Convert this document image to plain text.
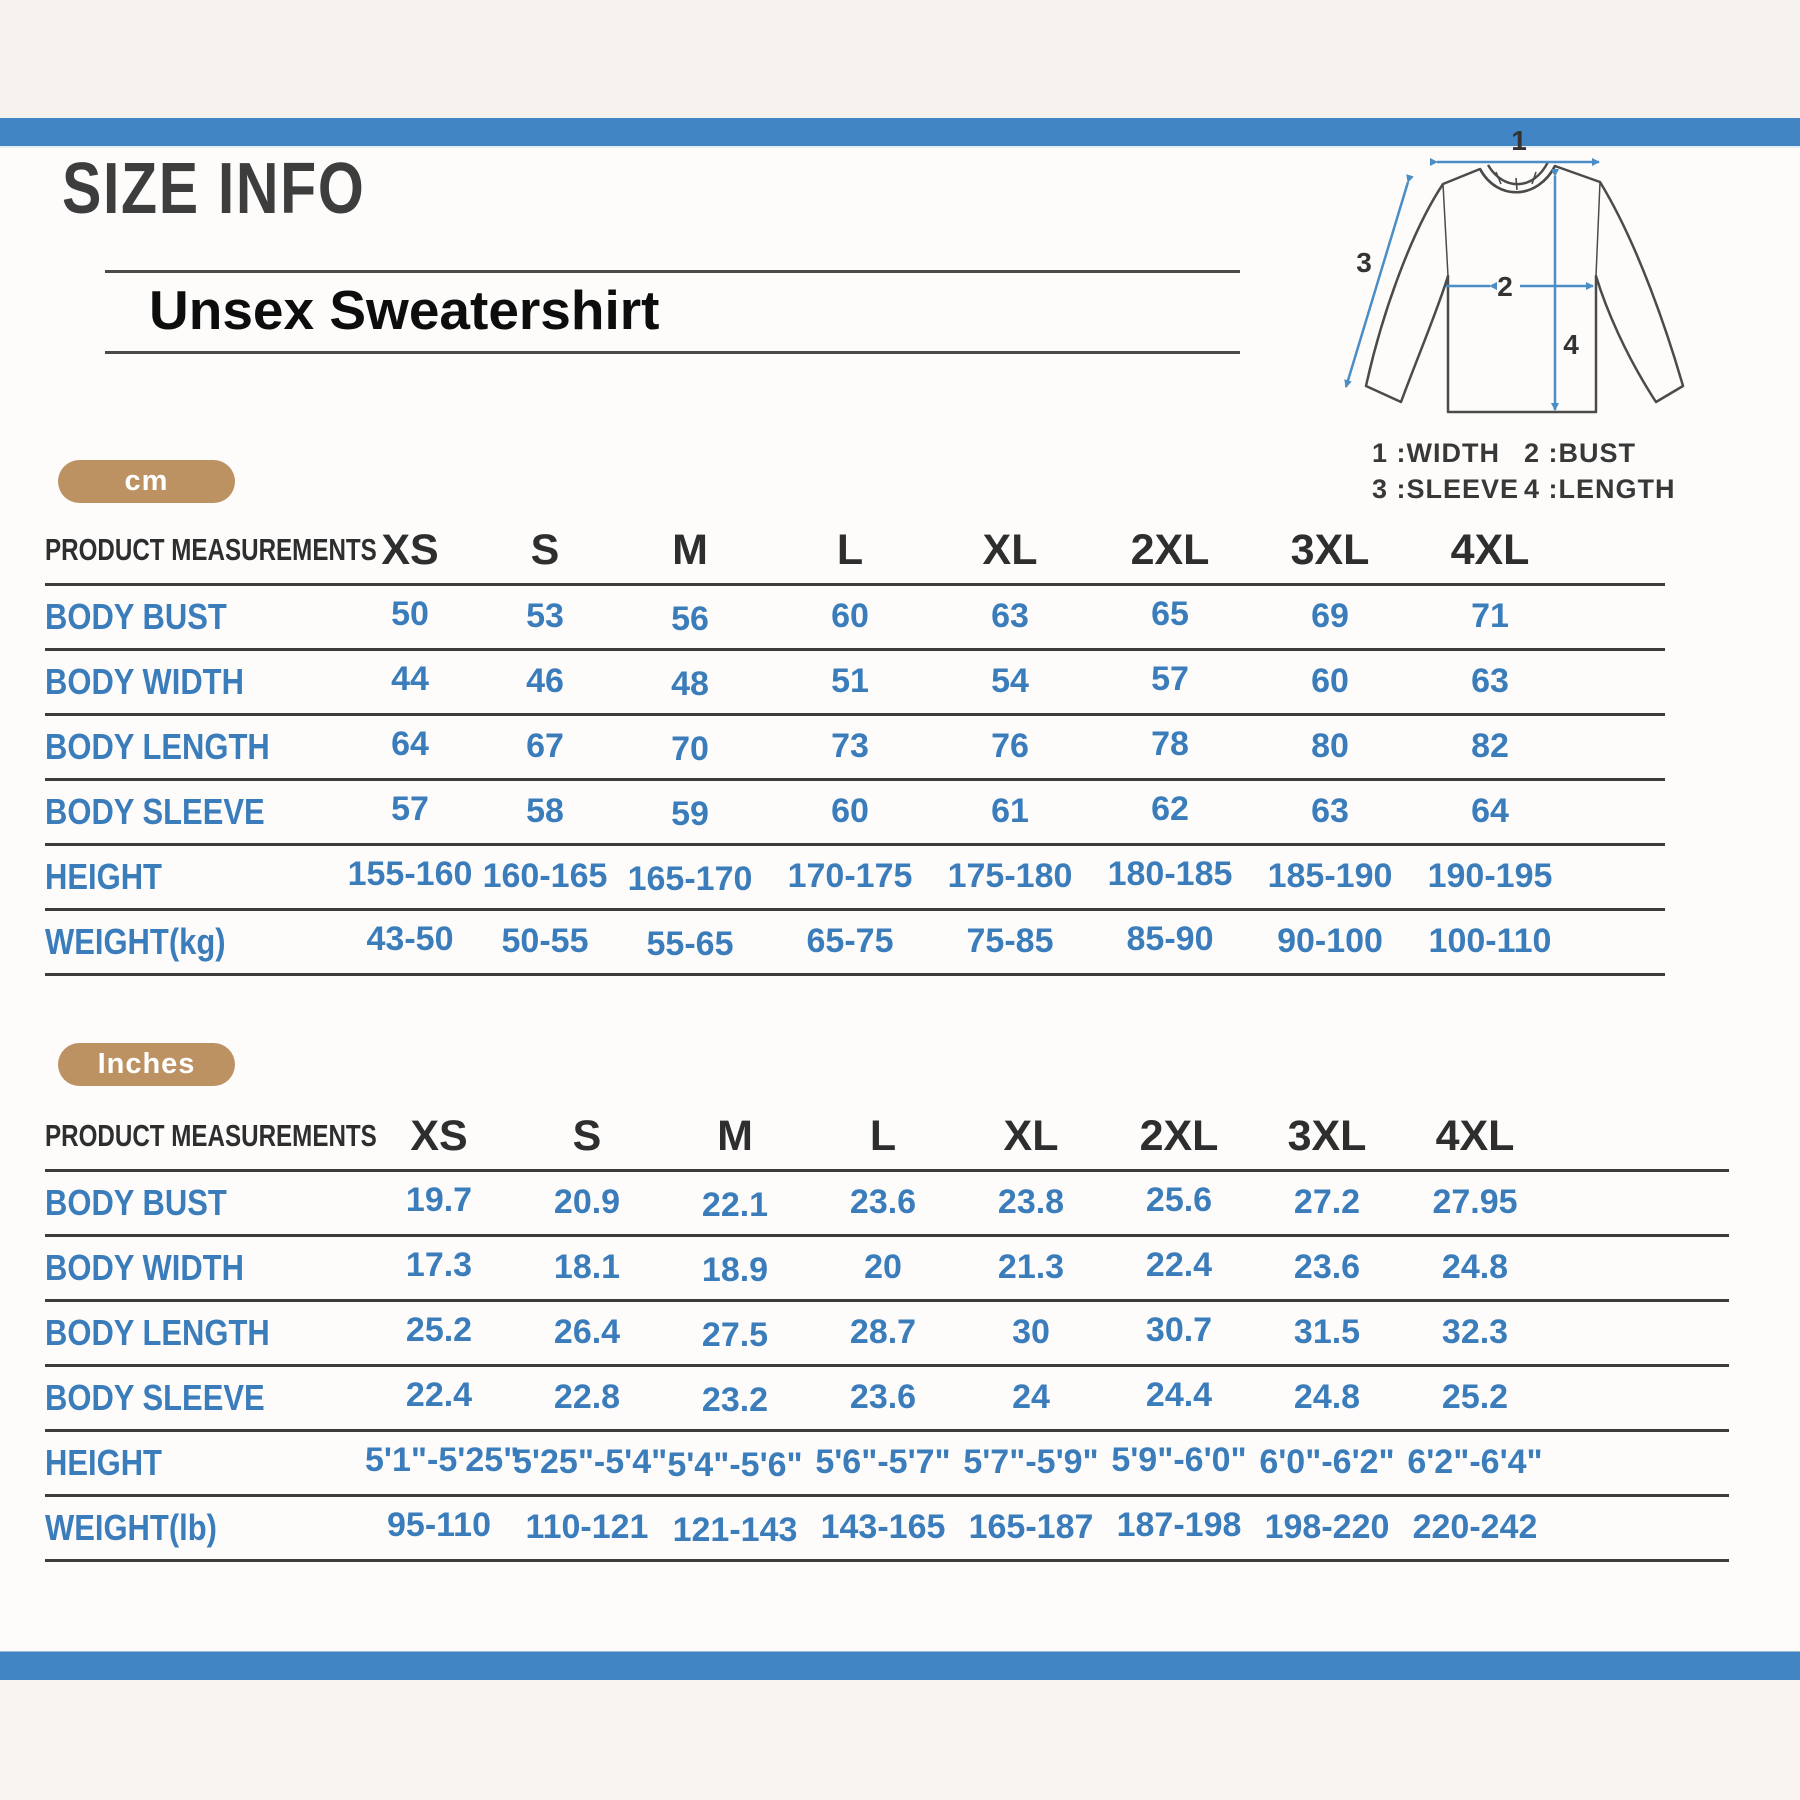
SIZE INFO
Unsex Sweatershirt
1
2
3
4
1 :WIDTH 2 :BUST
3 :SLEEVE 4 :LENGTH
cm
PRODUCT MEASUREMENTS	XS	S	M	L	XL	2XL	3XL	4XL	
BODY BUST	50	53	56	60	63	65	69	71	
BODY WIDTH	44	46	48	51	54	57	60	63	
BODY LENGTH	64	67	70	73	76	78	80	82	
BODY SLEEVE	57	58	59	60	61	62	63	64	
HEIGHT	155-160	160-165	165-170	170-175	175-180	180-185	185-190	190-195	
WEIGHT(kg)	43-50	50-55	55-65	65-75	75-85	85-90	90-100	100-110	
Inches
PRODUCT MEASUREMENTS	XS	S	M	L	XL	2XL	3XL	4XL	
BODY BUST	19.7	20.9	22.1	23.6	23.8	25.6	27.2	27.95	
BODY WIDTH	17.3	18.1	18.9	20	21.3	22.4	23.6	24.8	
BODY LENGTH	25.2	26.4	27.5	28.7	30	30.7	31.5	32.3	
BODY SLEEVE	22.4	22.8	23.2	23.6	24	24.4	24.8	25.2	
HEIGHT	5'1"-5'25"	5'25"-5'4"	5'4"-5'6"	5'6"-5'7"	5'7"-5'9"	5'9"-6'0"	6'0"-6'2"	6'2"-6'4"	
WEIGHT(lb)	95-110	110-121	121-143	143-165	165-187	187-198	198-220	220-242	
